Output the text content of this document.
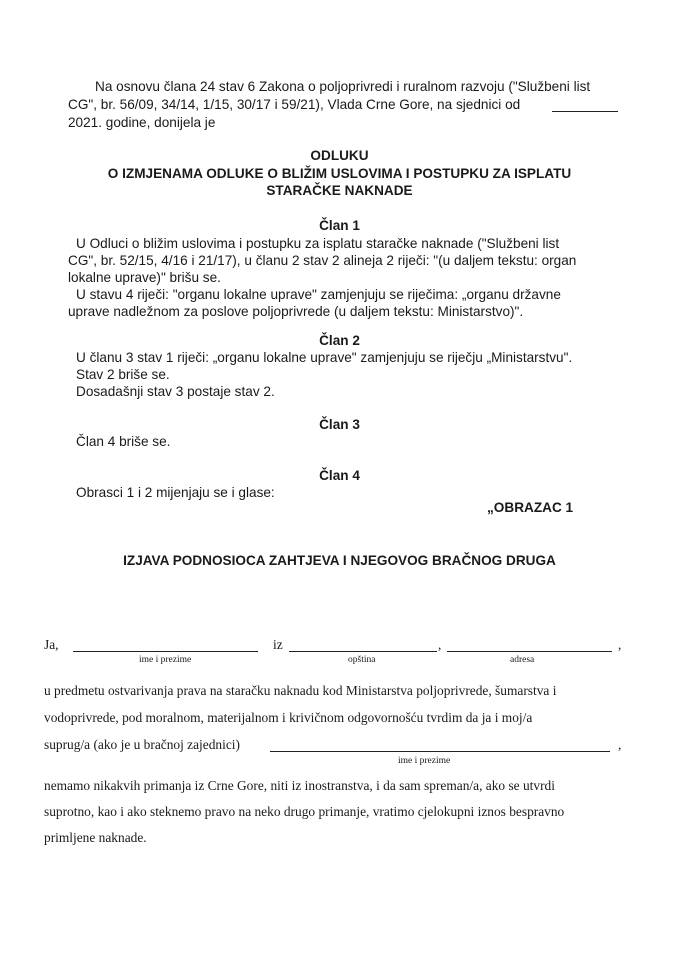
Na osnovu člana 24 stav 6 Zakona o poljoprivredi i ruralnom razvoju ("Službeni list
CG", br. 56/09, 34/14, 1/15, 30/17 i 59/21), Vlada Crne Gore, na sjednici od
2021. godine, donijela je
ODLUKU
O IZMJENAMA ODLUKE O BLIŽIM USLOVIMA I POSTUPKU ZA ISPLATU
STARAČKE NAKNADE
Član 1
U Odluci o bližim uslovima i postupku za isplatu staračke naknade ("Službeni list
CG", br. 52/15, 4/16 i 21/17), u članu 2 stav 2 alineja 2 riječi: "(u daljem tekstu: organ
lokalne uprave)" brišu se.
U stavu 4 riječi: "organu lokalne uprave" zamjenjuju se riječima: „organu državne
uprave nadležnom za poslove poljoprivrede (u daljem tekstu: Ministarstvo)".
Član 2
U članu 3 stav 1 riječi: „organu lokalne uprave" zamjenjuju se riječju „Ministarstvu".
Stav 2 briše se.
Dosadašnji stav 3 postaje stav 2.
Član 3
Član 4 briše se.
Član 4
Obrasci 1 i 2 mijenjaju se i glase:
„OBRAZAC 1
IZJAVA PODNOSIOCA ZAHTJEVA I NJEGOVOG BRAČNOG DRUGA
Ja,	iz	,	,
ime i prezime	opština	adresa
u predmetu ostvarivanja prava na staračku naknadu kod Ministarstva poljoprivrede, šumarstva i
vodoprivrede, pod moralnom, materijalnom i krivičnom odgovornošću tvrdim da ja i moj/a
suprug/a (ako je u bračnoj zajednici)	,
ime i prezime
nemamo nikakvih primanja iz Crne Gore, niti iz inostranstva, i da sam spreman/a, ako se utvrdi
suprotno, kao i ako steknemo pravo na neko drugo primanje, vratimo cjelokupni iznos bespravno
primljene naknade.
